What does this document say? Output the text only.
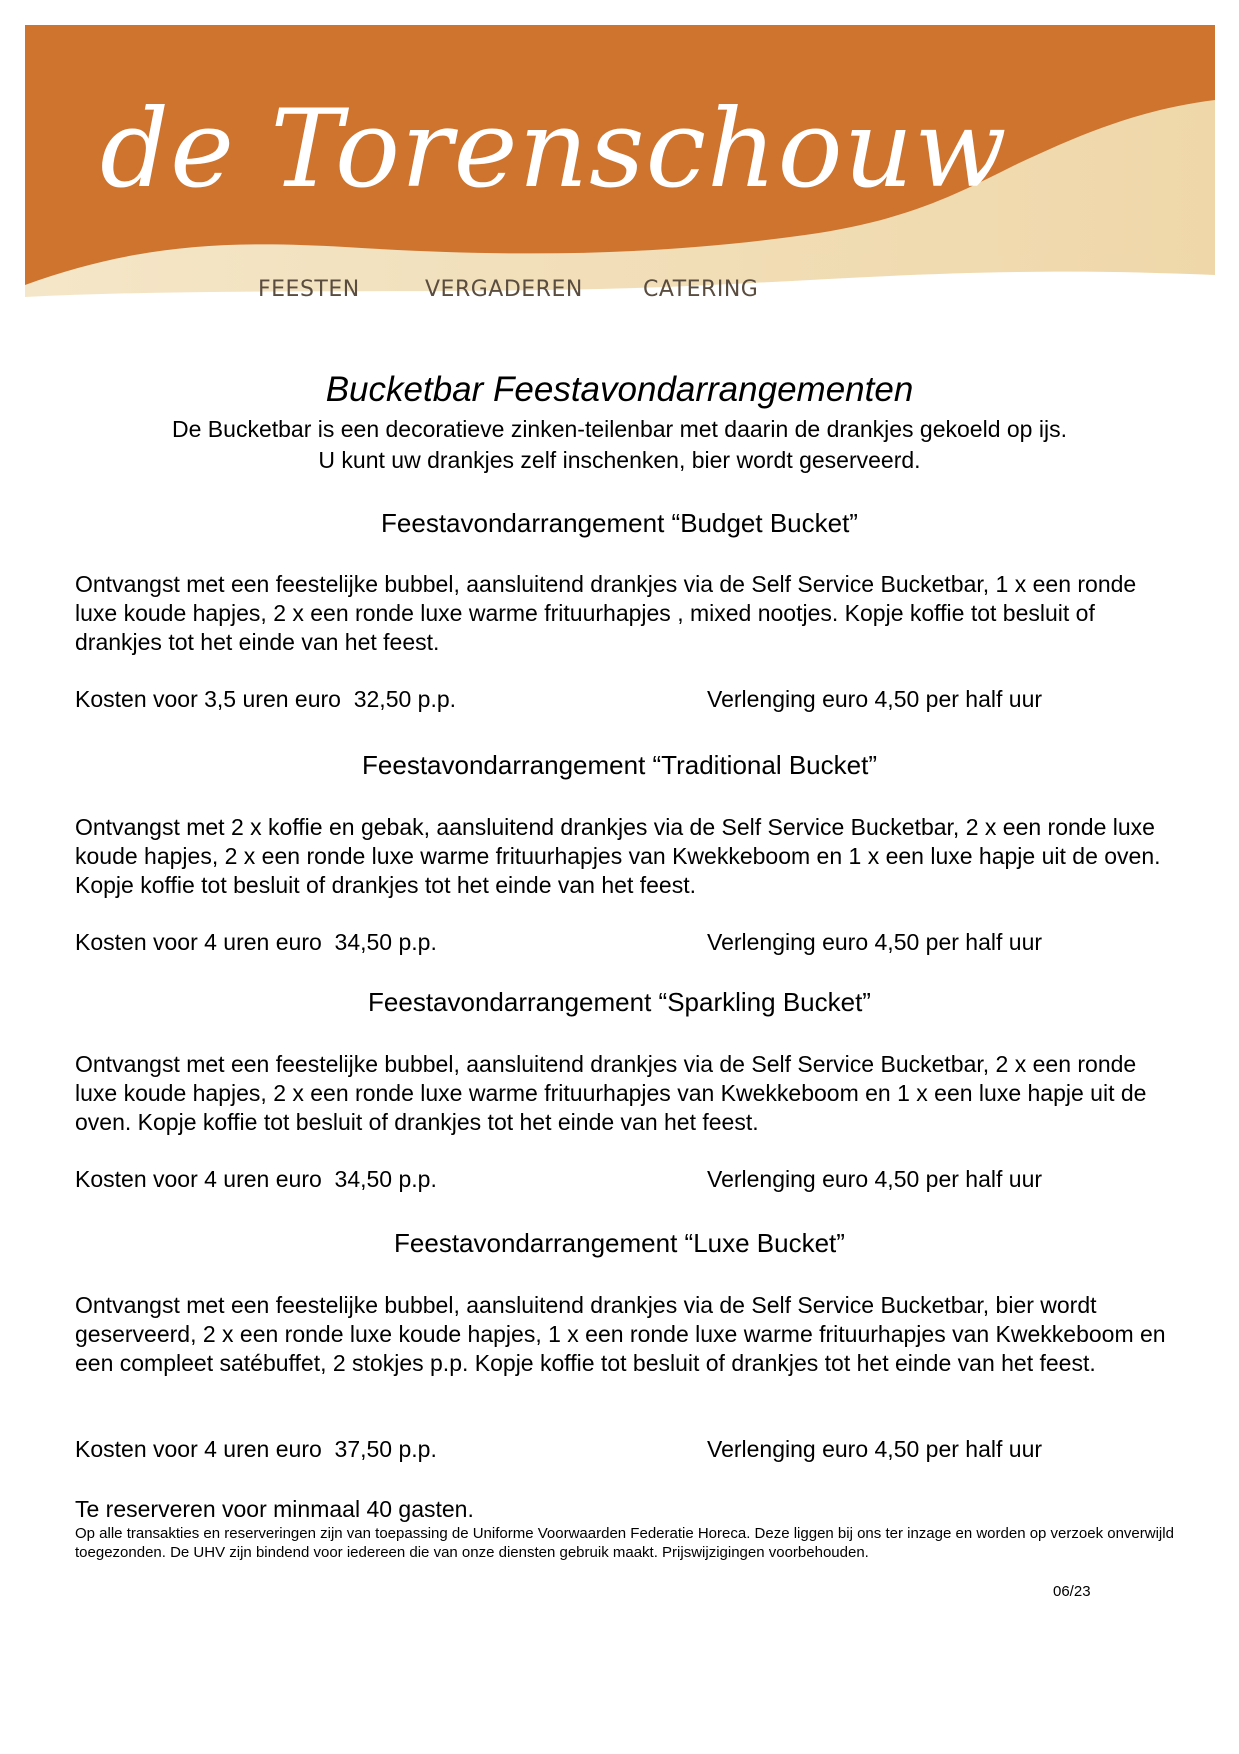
de Torenschouw
FEESTEN	VERGADEREN	CATERING
Bucketbar Feestavondarrangementen
De Bucketbar is een decoratieve zinken-teilenbar met daarin de drankjes gekoeld op ijs.
U kunt uw drankjes zelf inschenken, bier wordt geserveerd.
Feestavondarrangement “Budget Bucket”
Ontvangst met een feestelijke bubbel, aansluitend drankjes via de Self Service Bucketbar, 1 x een ronde luxe koude hapjes, 2 x een ronde luxe warme frituurhapjes , mixed nootjes. Kopje koffie tot besluit of drankjes tot het einde van het feest.
Kosten voor 3,5 uren euro  32,50 p.p.	Verlenging euro 4,50 per half uur
Feestavondarrangement “Traditional Bucket”
Ontvangst met 2 x koffie en gebak, aansluitend drankjes via de Self Service Bucketbar, 2 x een ronde luxe koude hapjes, 2 x een ronde luxe warme frituurhapjes van Kwekkeboom en 1 x een luxe hapje uit de oven. Kopje koffie tot besluit of drankjes tot het einde van het feest.
Kosten voor 4 uren euro  34,50 p.p.	Verlenging euro 4,50 per half uur
Feestavondarrangement “Sparkling Bucket”
Ontvangst met een feestelijke bubbel, aansluitend drankjes via de Self Service Bucketbar, 2 x een ronde luxe koude hapjes, 2 x een ronde luxe warme frituurhapjes van Kwekkeboom en 1 x een luxe hapje uit de oven. Kopje koffie tot besluit of drankjes tot het einde van het feest.
Kosten voor 4 uren euro  34,50 p.p.	Verlenging euro 4,50 per half uur
Feestavondarrangement “Luxe Bucket”
Ontvangst met een feestelijke bubbel, aansluitend drankjes via de Self Service Bucketbar, bier wordt geserveerd, 2 x een ronde luxe koude hapjes, 1 x een ronde luxe warme frituurhapjes van Kwekkeboom en een compleet satébuffet, 2 stokjes p.p. Kopje koffie tot besluit of drankjes tot het einde van het feest.
Kosten voor 4 uren euro  37,50 p.p.	Verlenging euro 4,50 per half uur
Te reserveren voor minmaal 40 gasten.
Op alle transakties en reserveringen zijn van toepassing de Uniforme Voorwaarden Federatie Horeca. Deze liggen bij ons ter inzage en worden op verzoek onverwijld toegezonden. De UHV zijn bindend voor iedereen die van onze diensten gebruik maakt. Prijswijzigingen voorbehouden.
06/23
